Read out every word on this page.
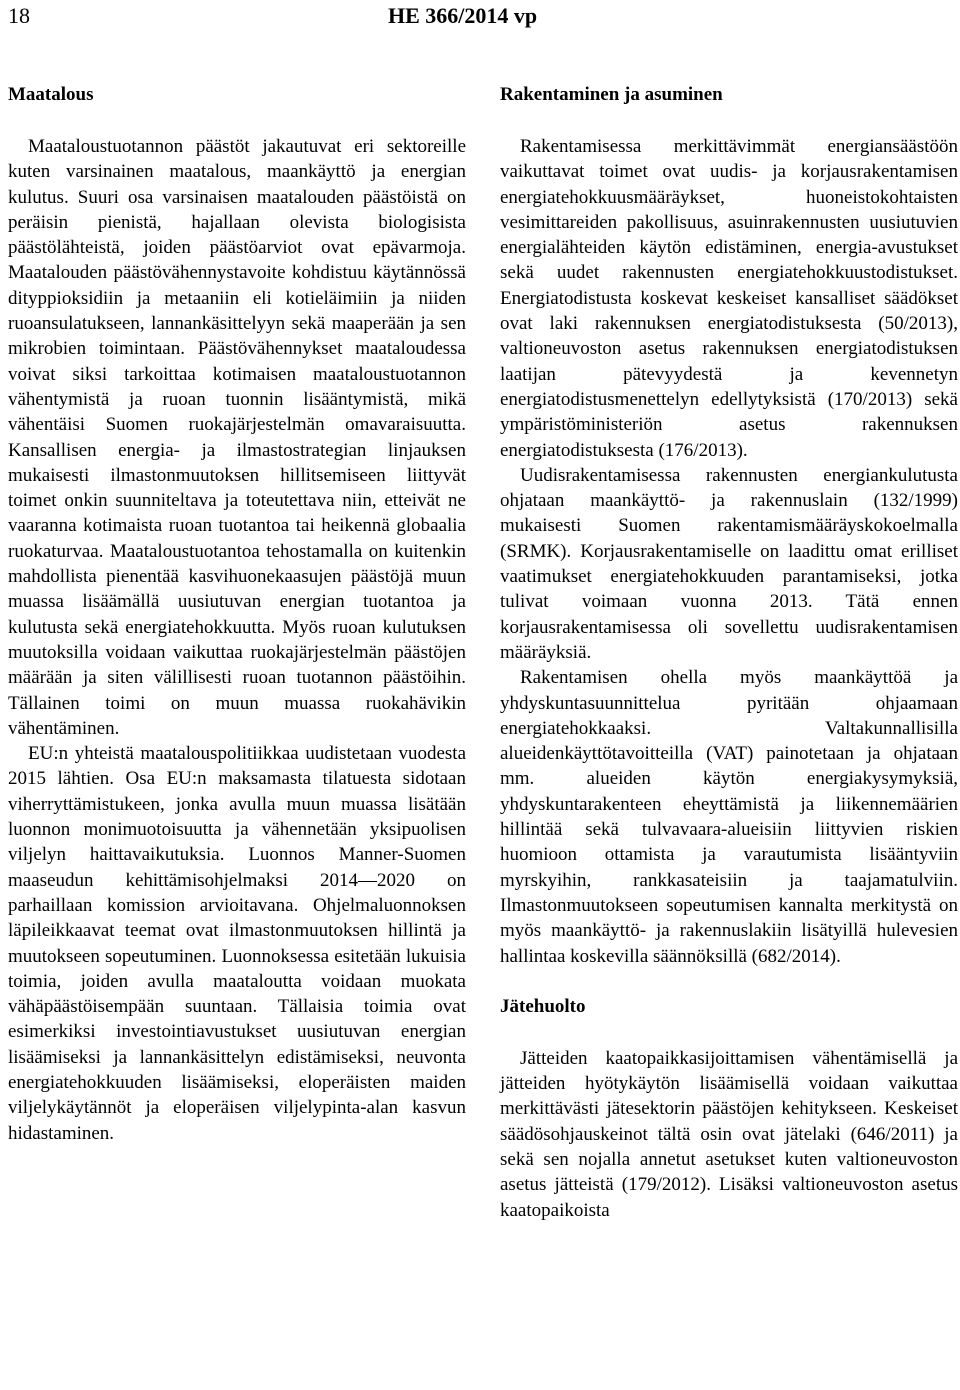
18	HE 366/2014 vp
Maatalous

Maataloustuotannon päästöt jakautuvat eri sektoreille kuten varsinainen maatalous, maankäyttö ja energian kulutus. Suuri osa varsinaisen maatalouden päästöistä on peräisin pienistä, hajallaan olevista biologisista päästölähteistä, joiden päästöarviot ovat epävarmoja. Maatalouden päästövähennystavoite kohdistuu käytännössä dityppioksidiin ja metaaniin eli kotieläimiin ja niiden ruoansulatukseen, lannankäsittelyyn sekä maaperään ja sen mikrobien toimintaan. Päästövähennykset maataloudessa voivat siksi tarkoittaa kotimaisen maataloustuotannon vähentymistä ja ruoan tuonnin lisääntymistä, mikä vähentäisi Suomen ruokajärjestelmän omavaraisuutta. Kansallisen energia- ja ilmastostrategian linjauksen mukaisesti ilmastonmuutoksen hillitsemiseen liittyvät toimet onkin suunniteltava ja toteutettava niin, etteivät ne vaaranna kotimaista ruoan tuotantoa tai heikennä globaalia ruokaturvaa. Maataloustuotantoa tehostamalla on kuitenkin mahdollista pienentää kasvihuonekaasujen päästöjä muun muassa lisäämällä uusiutuvan energian tuotantoa ja kulutusta sekä energiatehokkuutta. Myös ruoan kulutuksen muutoksilla voidaan vaikuttaa ruokajärjestelmän päästöjen määrään ja siten välillisesti ruoan tuotannon päästöihin. Tällainen toimi on muun muassa ruokahävikin vähentäminen.

EU:n yhteistä maatalouspolitiikkaa uudistetaan vuodesta 2015 lähtien. Osa EU:n maksamasta tilatuesta sidotaan viherryttämistukeen, jonka avulla muun muassa lisätään luonnon monimuotoisuutta ja vähennetään yksipuolisen viljelyn haittavaikutuksia. Luonnos Manner-Suomen maaseudun kehittämisohjelmaksi 2014—2020 on parhaillaan komission arvioitavana. Ohjelmaluonnoksen läpileikkaavat teemat ovat ilmastonmuutoksen hillintä ja muutokseen sopeutuminen. Luonnoksessa esitetään lukuisia toimia, joiden avulla maataloutta voidaan muokata vähäpäästöisempään suuntaan. Tällaisia toimia ovat esimerkiksi investointiavustukset uusiutuvan energian lisäämiseksi ja lannankäsittelyn edistämiseksi, neuvonta energiatehokkuuden lisäämiseksi, eloperäisten maiden viljelykäytännöt ja eloperäisen viljelypinta-alan kasvun hidastaminen.

Rakentaminen ja asuminen

Rakentamisessa merkittävimmät energiansäästöön vaikuttavat toimet ovat uudis- ja korjausrakentamisen energiatehokkuusmääräykset, huoneistokohtaisten vesimittareiden pakollisuus, asuinrakennusten uusiutuvien energialähteiden käytön edistäminen, energia-avustukset sekä uudet rakennusten energiatehokkuustodistukset. Energiatodistusta koskevat keskeiset kansalliset säädökset ovat laki rakennuksen energiatodistuksesta (50/2013), valtioneuvoston asetus rakennuksen energiatodistuksen laatijan pätevyydestä ja kevennetyn energiatodistusmenettelyn edellytyksistä (170/2013) sekä ympäristöministeriön asetus rakennuksen energiatodistuksesta (176/2013).

Uudisrakentamisessa rakennusten energiankulutusta ohjataan maankäyttö- ja rakennuslain (132/1999) mukaisesti Suomen rakentamismääräyskokoelmalla (SRMK). Korjausrakentamiselle on laadittu omat erilliset vaatimukset energiatehokkuuden parantamiseksi, jotka tulivat voimaan vuonna 2013. Tätä ennen korjausrakentamisessa oli sovellettu uudisrakentamisen määräyksiä.

Rakentamisen ohella myös maankäyttöä ja yhdyskuntasuunnittelua pyritään ohjaamaan energiatehokkaaksi. Valtakunnallisilla alueidenkäyttötavoitteilla (VAT) painotetaan ja ohjataan mm. alueiden käytön energiakysymyksiä, yhdyskuntarakenteen eheyttämistä ja liikennemäärien hillintää sekä tulvavaara-alueisiin liittyvien riskien huomioon ottamista ja varautumista lisääntyviin myrskyihin, rankkasateisiin ja taajamatulviin. Ilmastonmuutokseen sopeutumisen kannalta merkitystä on myös maankäyttö- ja rakennuslakiin lisätyillä hulevesien hallintaa koskevilla säännöksillä (682/2014).

Jätehuolto

Jätteiden kaatopaikkasijoittamisen vähentämisellä ja jätteiden hyötykäytön lisäämisellä voidaan vaikuttaa merkittävästi jätesektorin päästöjen kehitykseen. Keskeiset säädösohjauskeinot tältä osin ovat jätelaki (646/2011) ja sekä sen nojalla annetut asetukset kuten valtioneuvoston asetus jätteistä (179/2012). Lisäksi valtioneuvoston asetus kaatopaikoista
